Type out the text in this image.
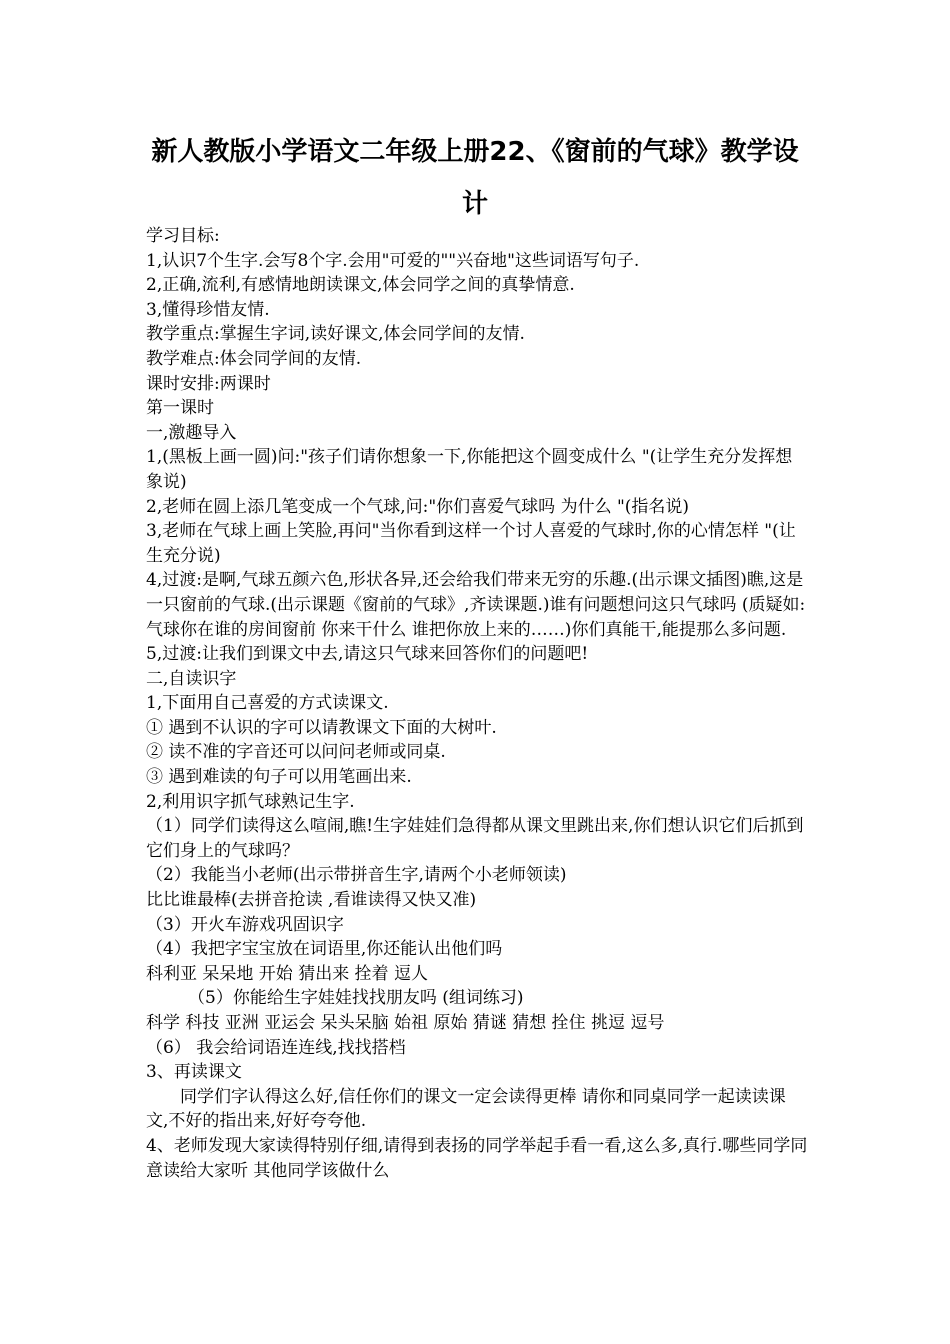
新人教版小学语文二年级上册22、《窗前的气球》教学设
计

学习目标:

1,认识7个生字.会写8个字.会用"可爱的""兴奋地"这些词语写句子.

2,正确,流利,有感情地朗读课文,体会同学之间的真挚情意.

3,懂得珍惜友情.

教学重点:掌握生字词,读好课文,体会同学间的友情.

教学难点:体会同学间的友情.

课时安排:两课时

第一课时

一,激趣导入

1,(黑板上画一圆)问:"孩子们请你想象一下,你能把这个圆变成什么 "(让学生充分发挥想象说)

2,老师在圆上添几笔变成一个气球,问:"你们喜爱气球吗 为什么 "(指名说)

3,老师在气球上画上笑脸,再问"当你看到这样一个讨人喜爱的气球时,你的心情怎样 "(让生充分说)

4,过渡:是啊,气球五颜六色,形状各异,还会给我们带来无穷的乐趣.(出示课文插图)瞧,这是一只窗前的气球.(出示课题《窗前的气球》,齐读课题.)谁有问题想问这只气球吗 (质疑如:气球你在谁的房间窗前 你来干什么 谁把你放上来的……)你们真能干,能提那么多问题.

5,过渡:让我们到课文中去,请这只气球来回答你们的问题吧!

二,自读识字

1,下面用自己喜爱的方式读课文.

① 遇到不认识的字可以请教课文下面的大树叶.

② 读不准的字音还可以问问老师或同桌.

③ 遇到难读的句子可以用笔画出来.

2,利用识字抓气球熟记生字.

（1）同学们读得这么喧闹,瞧!生字娃娃们急得都从课文里跳出来,你们想认识它们后抓到它们身上的气球吗？

（2）我能当小老师(出示带拼音生字,请两个小老师领读)

比比谁最棒(去拼音抢读 ,看谁读得又快又准)

（3）开火车游戏巩固识字

（4）我把字宝宝放在词语里,你还能认出他们吗

科利亚 呆呆地 开始 猜出来 拴着 逗人

（5）你能给生字娃娃找找朋友吗 (组词练习)

科学 科技 亚洲 亚运会 呆头呆脑 始祖 原始 猜谜 猜想 拴住 挑逗 逗号

（6） 我会给词语连连线,找找搭档

3、再读课文

同学们字认得这么好,信任你们的课文一定会读得更棒 请你和同桌同学一起读读课文,不好的指出来,好好夸夸他.

4、老师发现大家读得特别仔细,请得到表扬的同学举起手看一看,这么多,真行.哪些同学同意读给大家听 其他同学该做什么
